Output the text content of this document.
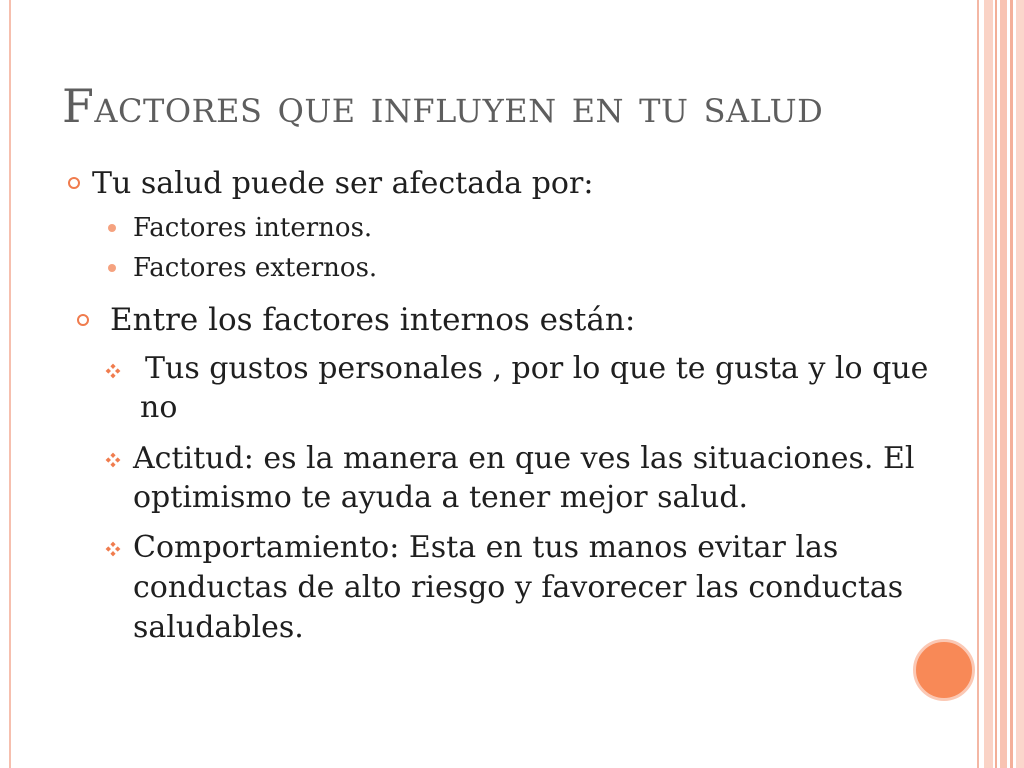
Factores que influyen en tu salud
Tu salud puede ser afectada por:
Factores internos.
Factores externos.
Entre los factores internos están:
Tus gustos personales , por lo que te gusta y lo que
no
Actitud: es la manera en que ves las situaciones. El
optimismo te ayuda a tener mejor salud.
Comportamiento: Esta en tus manos evitar las
conductas de alto riesgo y favorecer las conductas
saludables.
